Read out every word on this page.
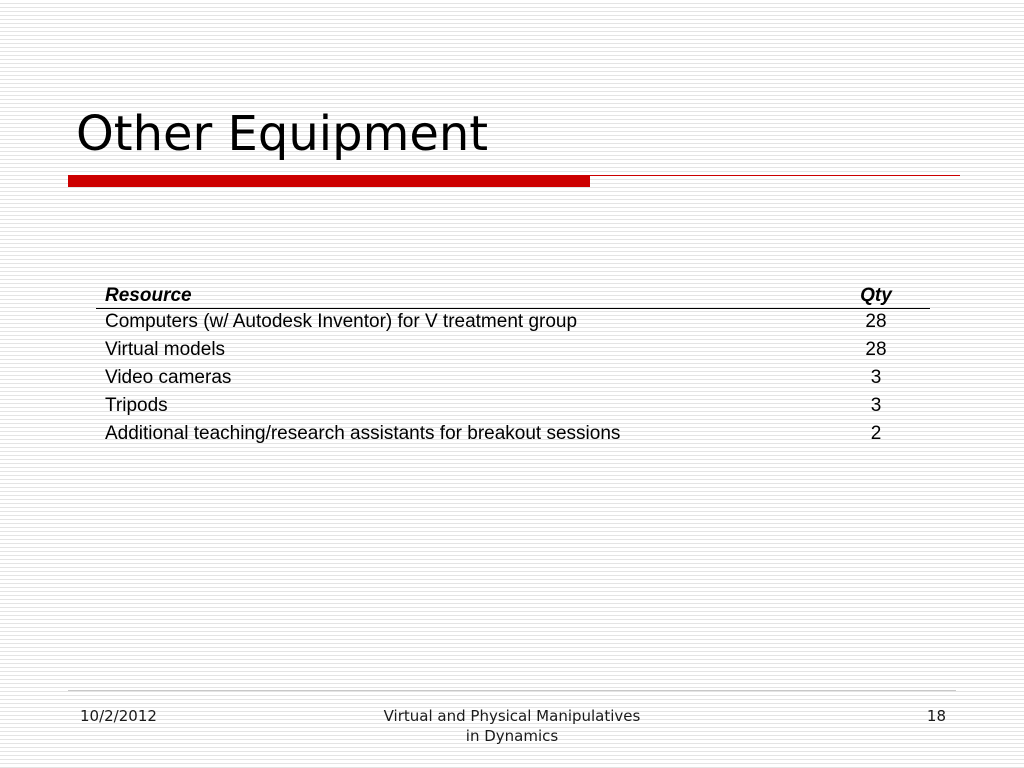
Other Equipment
Resource	Qty
Computers (w/ Autodesk Inventor) for V treatment group	28
Virtual models	28
Video cameras	3
Tripods	3
Additional teaching/research assistants for breakout sessions	2
10/2/2012	Virtual and Physical Manipulatives
in Dynamics
18
